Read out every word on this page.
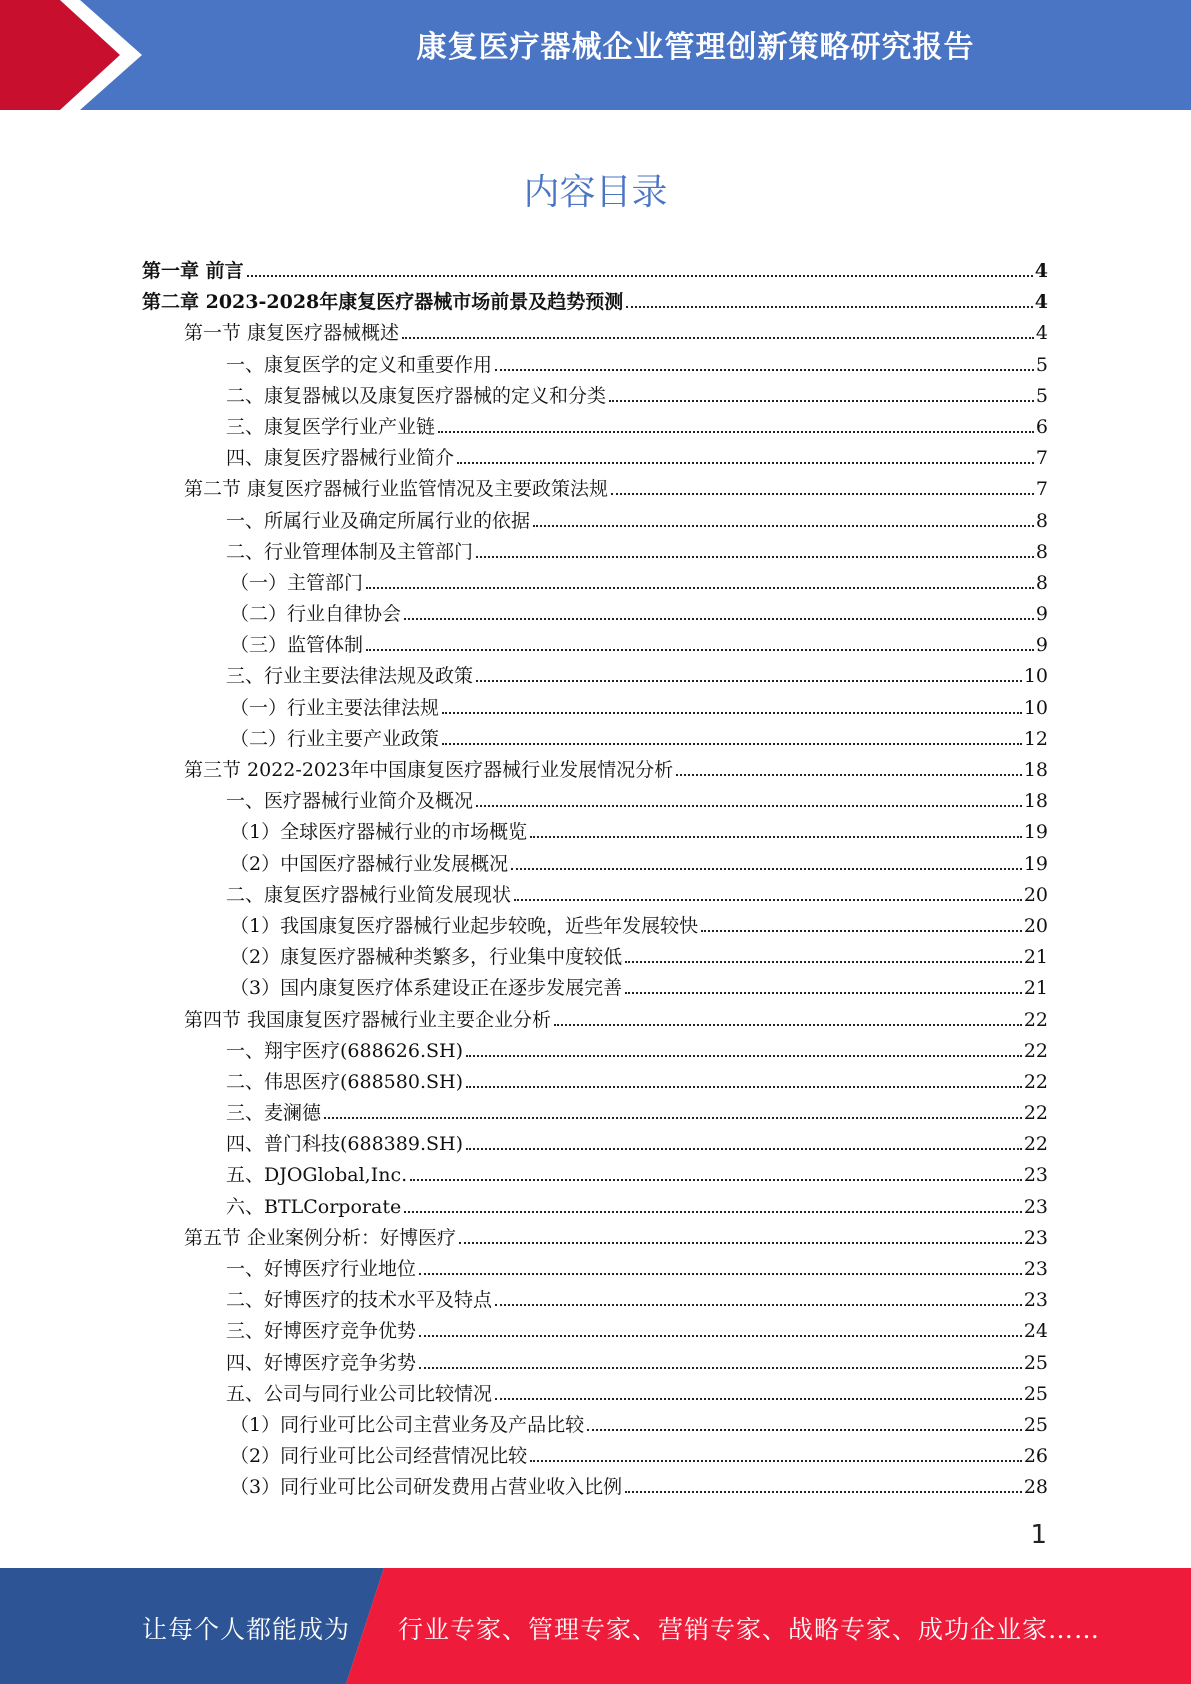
康复医疗器械企业管理创新策略研究报告
内容目录
第一章 前言	4
第二章 2023-2028年康复医疗器械市场前景及趋势预测	4
第一节 康复医疗器械概述	4
一、康复医学的定义和重要作用	5
二、康复器械以及康复医疗器械的定义和分类	5
三、康复医学行业产业链	6
四、康复医疗器械行业简介	7
第二节 康复医疗器械行业监管情况及主要政策法规	7
一、所属行业及确定所属行业的依据	8
二、行业管理体制及主管部门	8
（一）主管部门	8
（二）行业自律协会	9
（三）监管体制	9
三、行业主要法律法规及政策	10
（一）行业主要法律法规	10
（二）行业主要产业政策	12
第三节 2022-2023年中国康复医疗器械行业发展情况分析	18
一、医疗器械行业简介及概况	18
（1）全球医疗器械行业的市场概览	19
（2）中国医疗器械行业发展概况	19
二、康复医疗器械行业简发展现状	20
（1）我国康复医疗器械行业起步较晚，近些年发展较快	20
（2）康复医疗器械种类繁多，行业集中度较低	21
（3）国内康复医疗体系建设正在逐步发展完善	21
第四节 我国康复医疗器械行业主要企业分析	22
一、翔宇医疗(688626.SH)	22
二、伟思医疗(688580.SH)	22
三、麦澜德	22
四、普门科技(688389.SH)	22
五、DJOGlobal,Inc.	23
六、BTLCorporate	23
第五节 企业案例分析：好博医疗	23
一、好博医疗行业地位	23
二、好博医疗的技术水平及特点	23
三、好博医疗竞争优势	24
四、好博医疗竞争劣势	25
五、公司与同行业公司比较情况	25
（1）同行业可比公司主营业务及产品比较	25
（2）同行业可比公司经营情况比较	26
（3）同行业可比公司研发费用占营业收入比例	28
1
让每个人都能成为 行业专家、管理专家、营销专家、战略专家、成功企业家……
